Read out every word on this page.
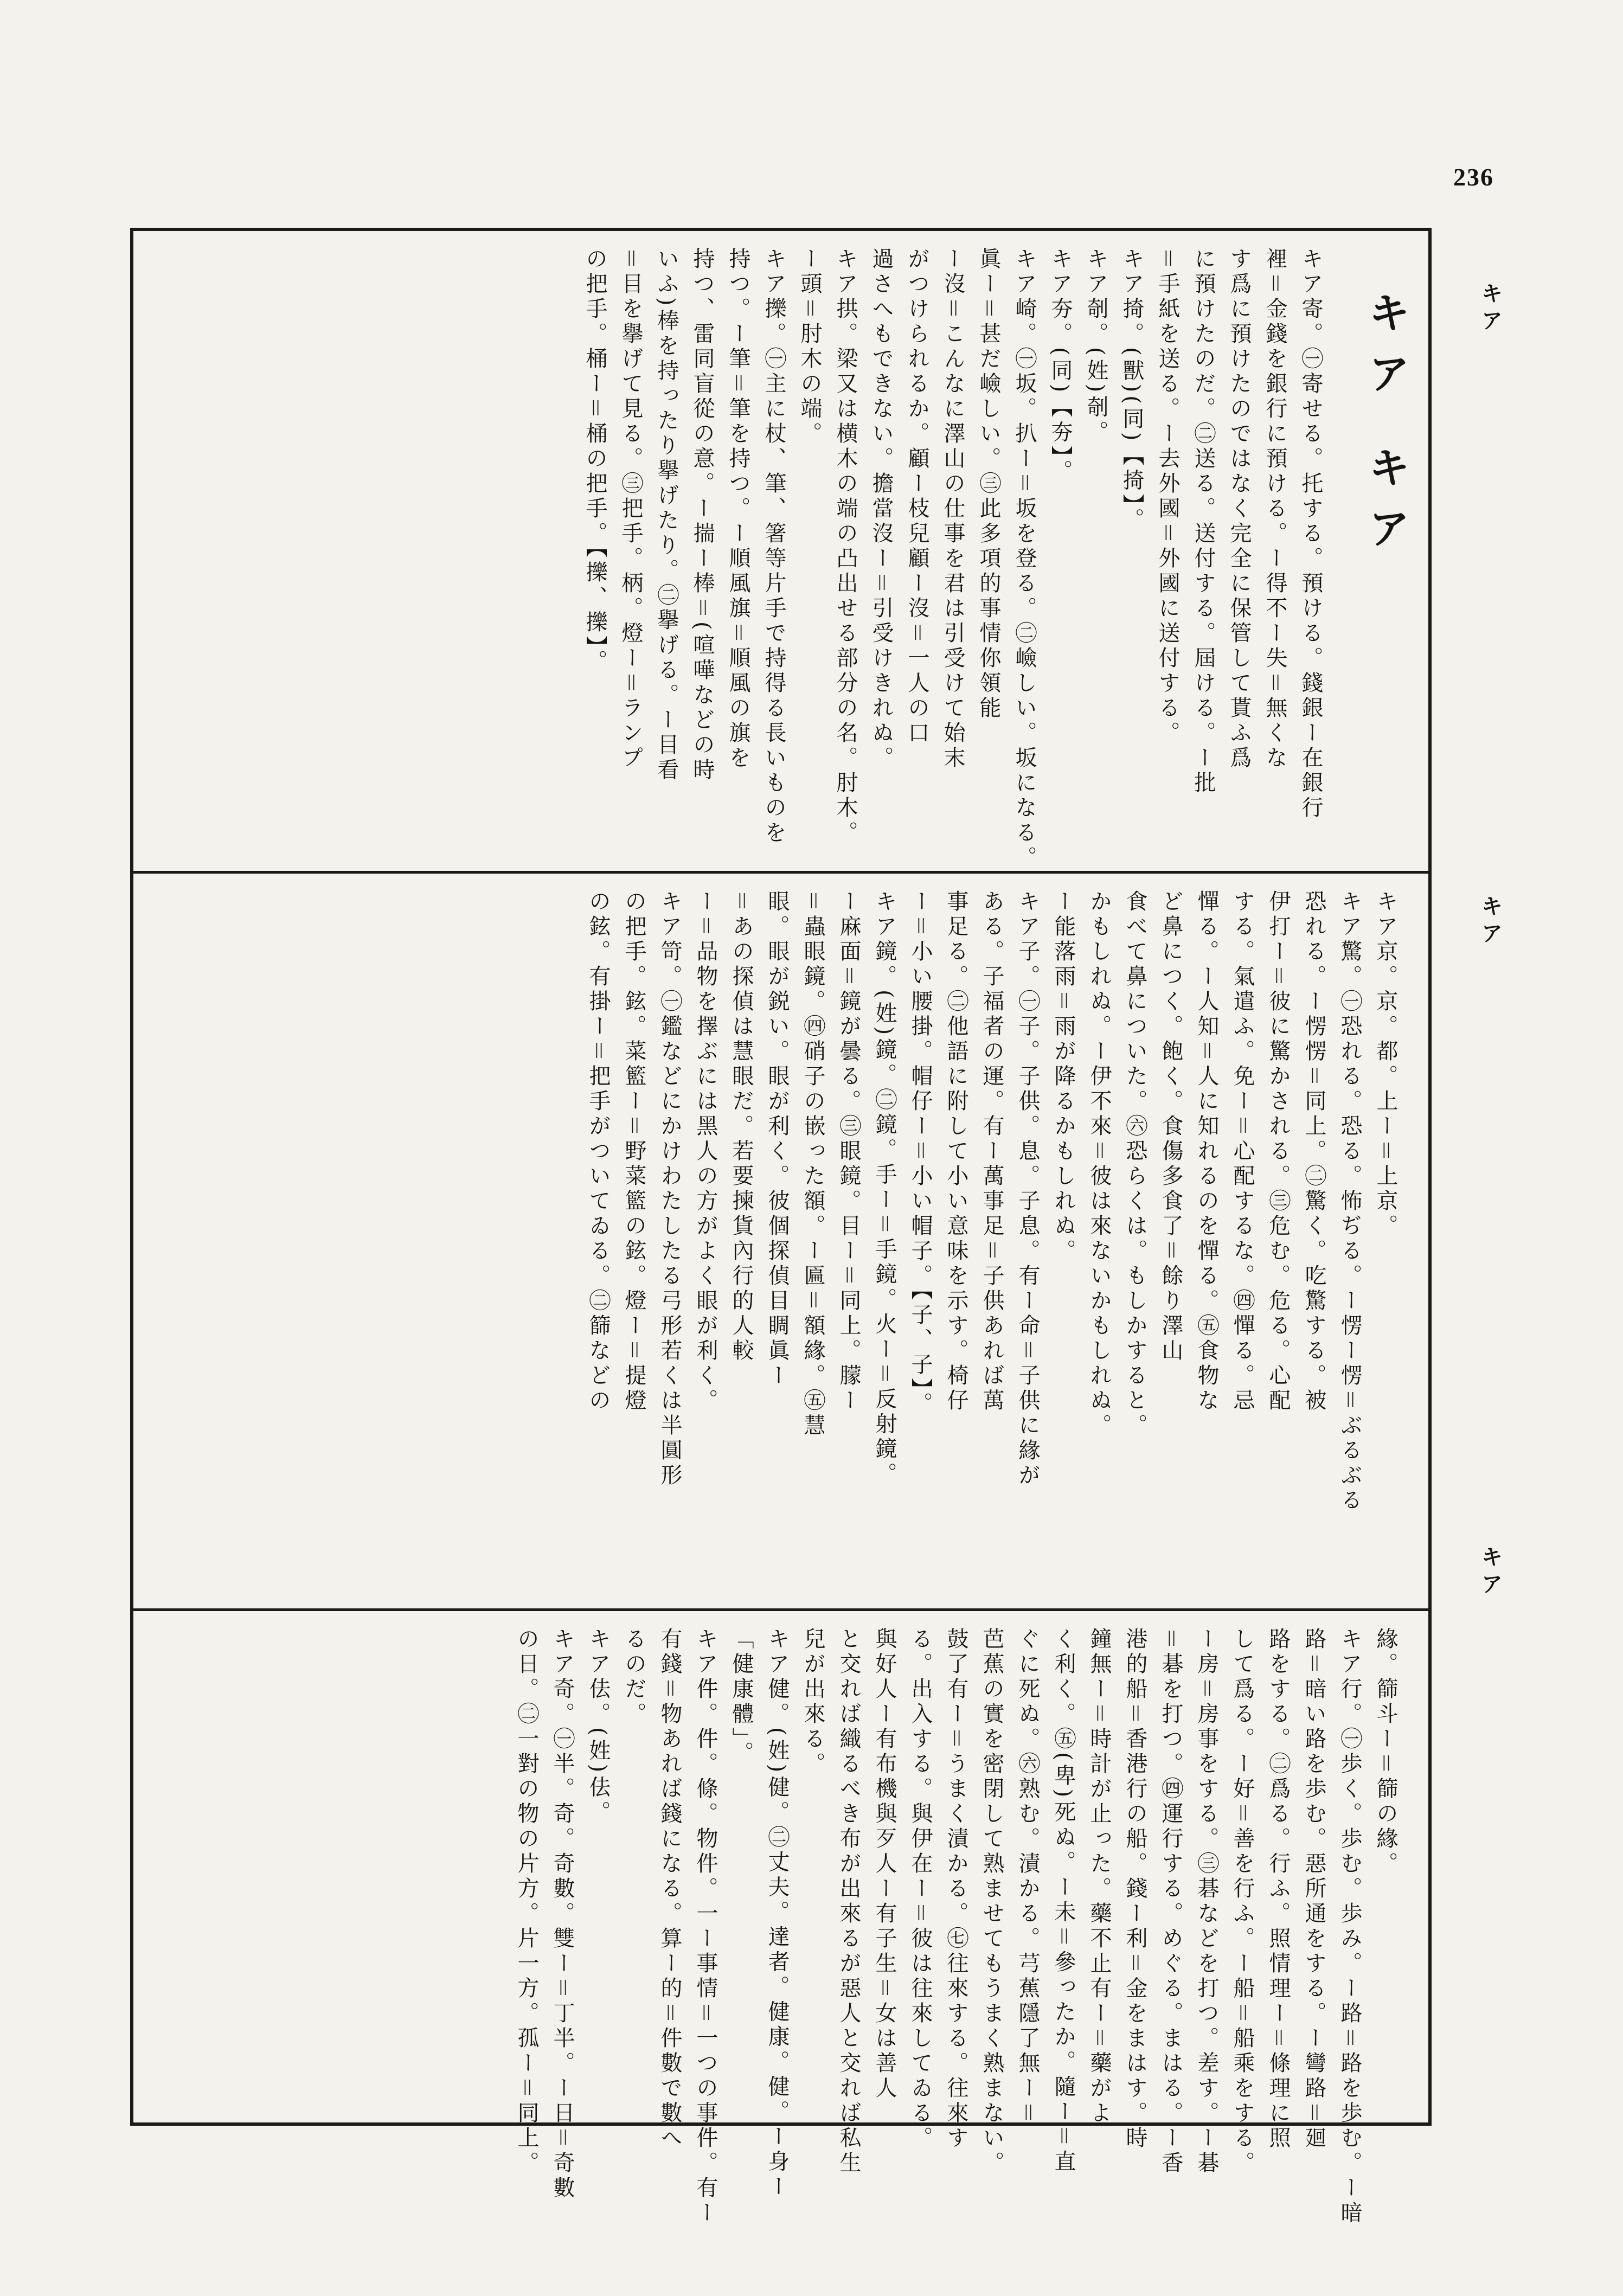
236
キア
キア
キア
キア キア
キア寄。㊀寄せる。托する。預ける。錢銀ー在銀行
裡＝金錢を銀行に預ける。ー得不ー失＝無くな
す爲に預けたのではなく完全に保管して貰ふ爲
に預けたのだ。㊁送る。送付する。屆ける。ー批
＝手紙を送る。ー去外國＝外國に送付する。
キア掎。(獸)(同)【掎】。
キア剞。(姓)剞。
キア夯。(同)【夯】。
キア崎。㊀坂。扒ー＝坂を登る。㊁嶮しい。坂になる。
眞ー＝甚だ嶮しい。㊂此多項的事情你領能
ー沒＝こんなに澤山の仕事を君は引受けて始末
がつけられるか。顧ー枝兒顧ー沒＝一人の口
過さへもできない。擔當沒ー＝引受けきれぬ。
キア拱。梁又は横木の端の凸出せる部分の名。肘木。
ー頭＝肘木の端。
キア擽。㊀主に杖、筆、箸等片手で持得る長いものを
持つ。ー筆＝筆を持つ。ー順風旗＝順風の旗を
持つ、雷同盲從の意。ー揣ー棒＝(喧嘩などの時
いふ)棒を持ったり擧げたり。㊁擧げる。ー目看
＝目を擧げて見る。㊂把手。柄。燈ー＝ランプ
の把手。桶ー＝桶の把手。【擽、擽】。
キア京。京。都。上ー＝上京。
キア驚。㊀恐れる。恐る。怖ぢる。ー愣ー愣＝ぶるぶる
恐れる。ー愣愣＝同上。㊁驚く。吃驚する。被
伊打ー＝彼に驚かされる。㊂危む。危る。心配
する。氣遣ふ。免ー＝心配するな。㊃憚る。忌
憚る。ー人知＝人に知れるのを憚る。㊄食物な
ど鼻につく。飽く。食傷多食了＝餘り澤山
食べて鼻についた。㊅恐らくは。もしかすると。
かもしれぬ。ー伊不來＝彼は來ないかもしれぬ。
ー能落雨＝雨が降るかもしれぬ。
キア子。㊀子。子供。息。子息。有ー命＝子供に緣が
ある。子福者の運。有ー萬事足＝子供あれば萬
事足る。㊁他語に附して小い意味を示す。椅仔
ー＝小い腰掛。帽仔ー＝小い帽子。【子、子】。
キア鏡。(姓)鏡。㊁鏡。手ー＝手鏡。火ー＝反射鏡。
ー麻面＝鏡が曇る。㊂眼鏡。目ー＝同上。朦ー
＝蟲眼鏡。㊃硝子の嵌った額。ー匾＝額緣。㊄慧
眼。眼が鋭い。眼が利く。彼個探偵目睭眞ー
＝あの探偵は慧眼だ。若要揀貨內行的人較
ー＝品物を擇ぶには黑人の方がよく眼が利く。
キア笴。㊀鑑などにかけわたしたる弓形若くは半圓形
の把手。鉉。菜籃ー＝野菜籃の鉉。燈ー＝提燈
の鉉。有掛ー＝把手がついてゐる。㊁篩などの
緣。篩斗ー＝篩の緣。
キア行。㊀歩く。歩む。歩み。ー路＝路を歩む。ー暗
路＝暗い路を歩む。惡所通をする。ー彎路＝廻
路をする。㊁爲る。行ふ。照情理ー＝條理に照
して爲る。ー好＝善を行ふ。ー船＝船乘をする。
ー房＝房事をする。㊂碁などを打つ。差す。ー碁
＝碁を打つ。㊃運行する。めぐる。まはる。ー香
港的船＝香港行の船。錢ー利＝金をまはす。時
鐘無ー＝時計が止った。藥不止有ー＝藥がよ
く利く。㊄(卑)死ぬ。ー未＝參ったか。隨ー＝直
ぐに死ぬ。㊅熟む。漬かる。芎蕉隱了無ー＝
芭蕉の實を密閉して熟ませてもうまく熟まない。
鼓了有ー＝うまく漬かる。㊆往來する。往來す
る。出入する。與伊在ー＝彼は往來してゐる。
與好人ー有布機與歹人ー有子生＝女は善人
と交れば織るべき布が出來るが惡人と交れば私生
兒が出來る。
キア健。(姓)健。㊁丈夫。達者。健康。健。ー身ー
「健康體」。
キア件。件。條。物件。一ー事情＝一つの事件。有ー
有錢＝物あれば錢になる。算ー的＝件數で數へ
るのだ。
キア佉。(姓)佉。
キア奇。㊀半。奇。奇數。雙ー＝丁半。ー日＝奇數
の日。㊁一對の物の片方。片一方。孤ー＝同上。
